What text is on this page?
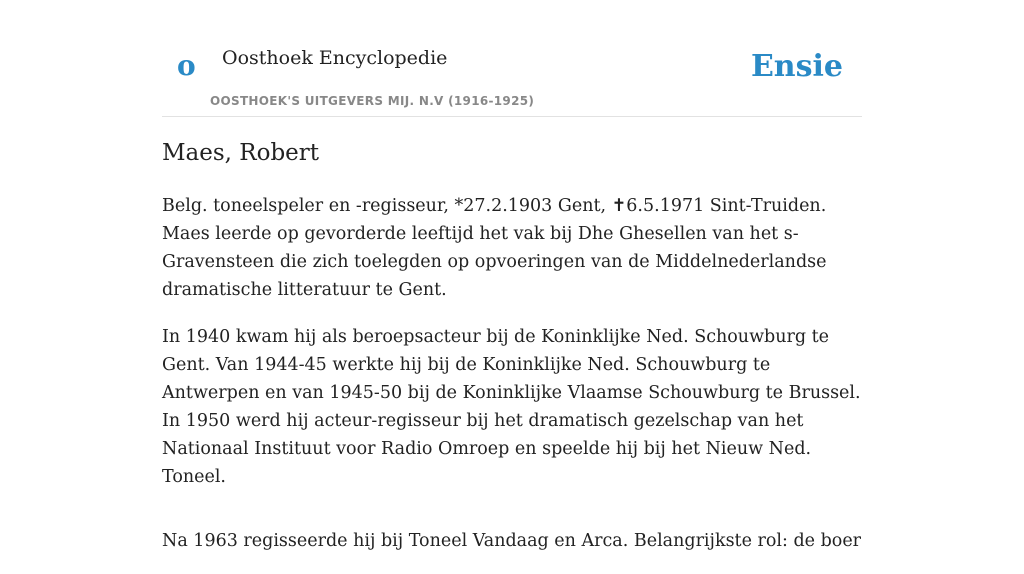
o Oosthoek Encyclopedie
OOSTHOEK'S UITGEVERS MIJ. N.V (1916-1925)
Ensie
Maes, Robert

Belg. toneelspeler en -regisseur, *27.2.1903 Gent, ✝6.5.1971 Sint-Truiden. Maes leerde op gevorderde leeftijd het vak bij Dhe Ghesellen van het s-Gravensteen die zich toelegden op opvoeringen van de Middelnederlandse dramatische litteratuur te Gent.

In 1940 kwam hij als beroepsacteur bij de Koninklijke Ned. Schouwburg te Gent. Van 1944-45 werkte hij bij de Koninklijke Ned. Schouwburg te Antwerpen en van 1945-50 bij de Koninklijke Vlaamse Schouwburg te Brussel. In 1950 werd hij acteur-regisseur bij het dramatisch gezelschap van het Nationaal Instituut voor Radio Omroep en speelde hij bij het Nieuw Ned. Toneel.

Na 1963 regisseerde hij bij Toneel Vandaag en Arca. Belangrijkste rol: de boer
